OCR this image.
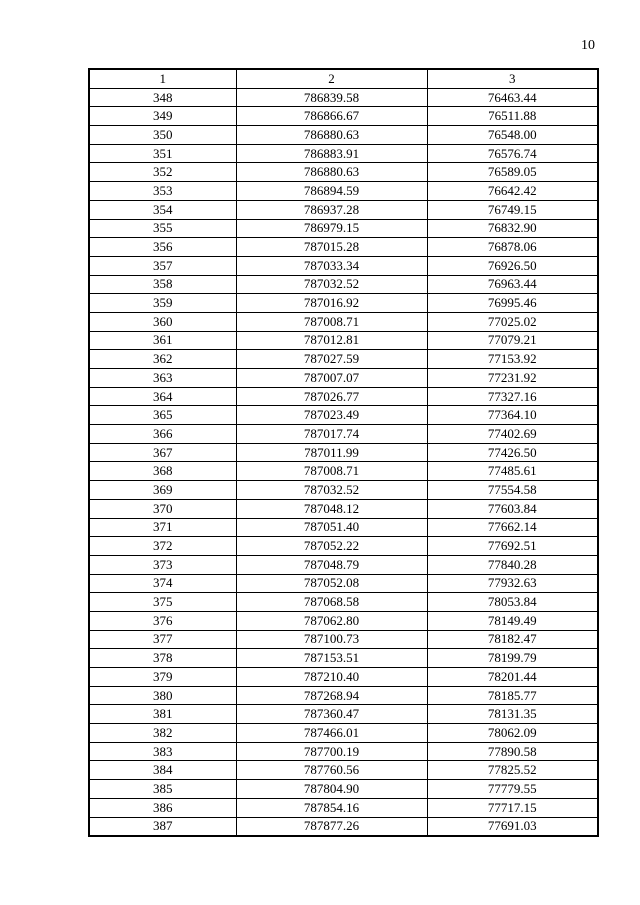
10
1	2	3
348	786839.58	76463.44
349	786866.67	76511.88
350	786880.63	76548.00
351	786883.91	76576.74
352	786880.63	76589.05
353	786894.59	76642.42
354	786937.28	76749.15
355	786979.15	76832.90
356	787015.28	76878.06
357	787033.34	76926.50
358	787032.52	76963.44
359	787016.92	76995.46
360	787008.71	77025.02
361	787012.81	77079.21
362	787027.59	77153.92
363	787007.07	77231.92
364	787026.77	77327.16
365	787023.49	77364.10
366	787017.74	77402.69
367	787011.99	77426.50
368	787008.71	77485.61
369	787032.52	77554.58
370	787048.12	77603.84
371	787051.40	77662.14
372	787052.22	77692.51
373	787048.79	77840.28
374	787052.08	77932.63
375	787068.58	78053.84
376	787062.80	78149.49
377	787100.73	78182.47
378	787153.51	78199.79
379	787210.40	78201.44
380	787268.94	78185.77
381	787360.47	78131.35
382	787466.01	78062.09
383	787700.19	77890.58
384	787760.56	77825.52
385	787804.90	77779.55
386	787854.16	77717.15
387	787877.26	77691.03
